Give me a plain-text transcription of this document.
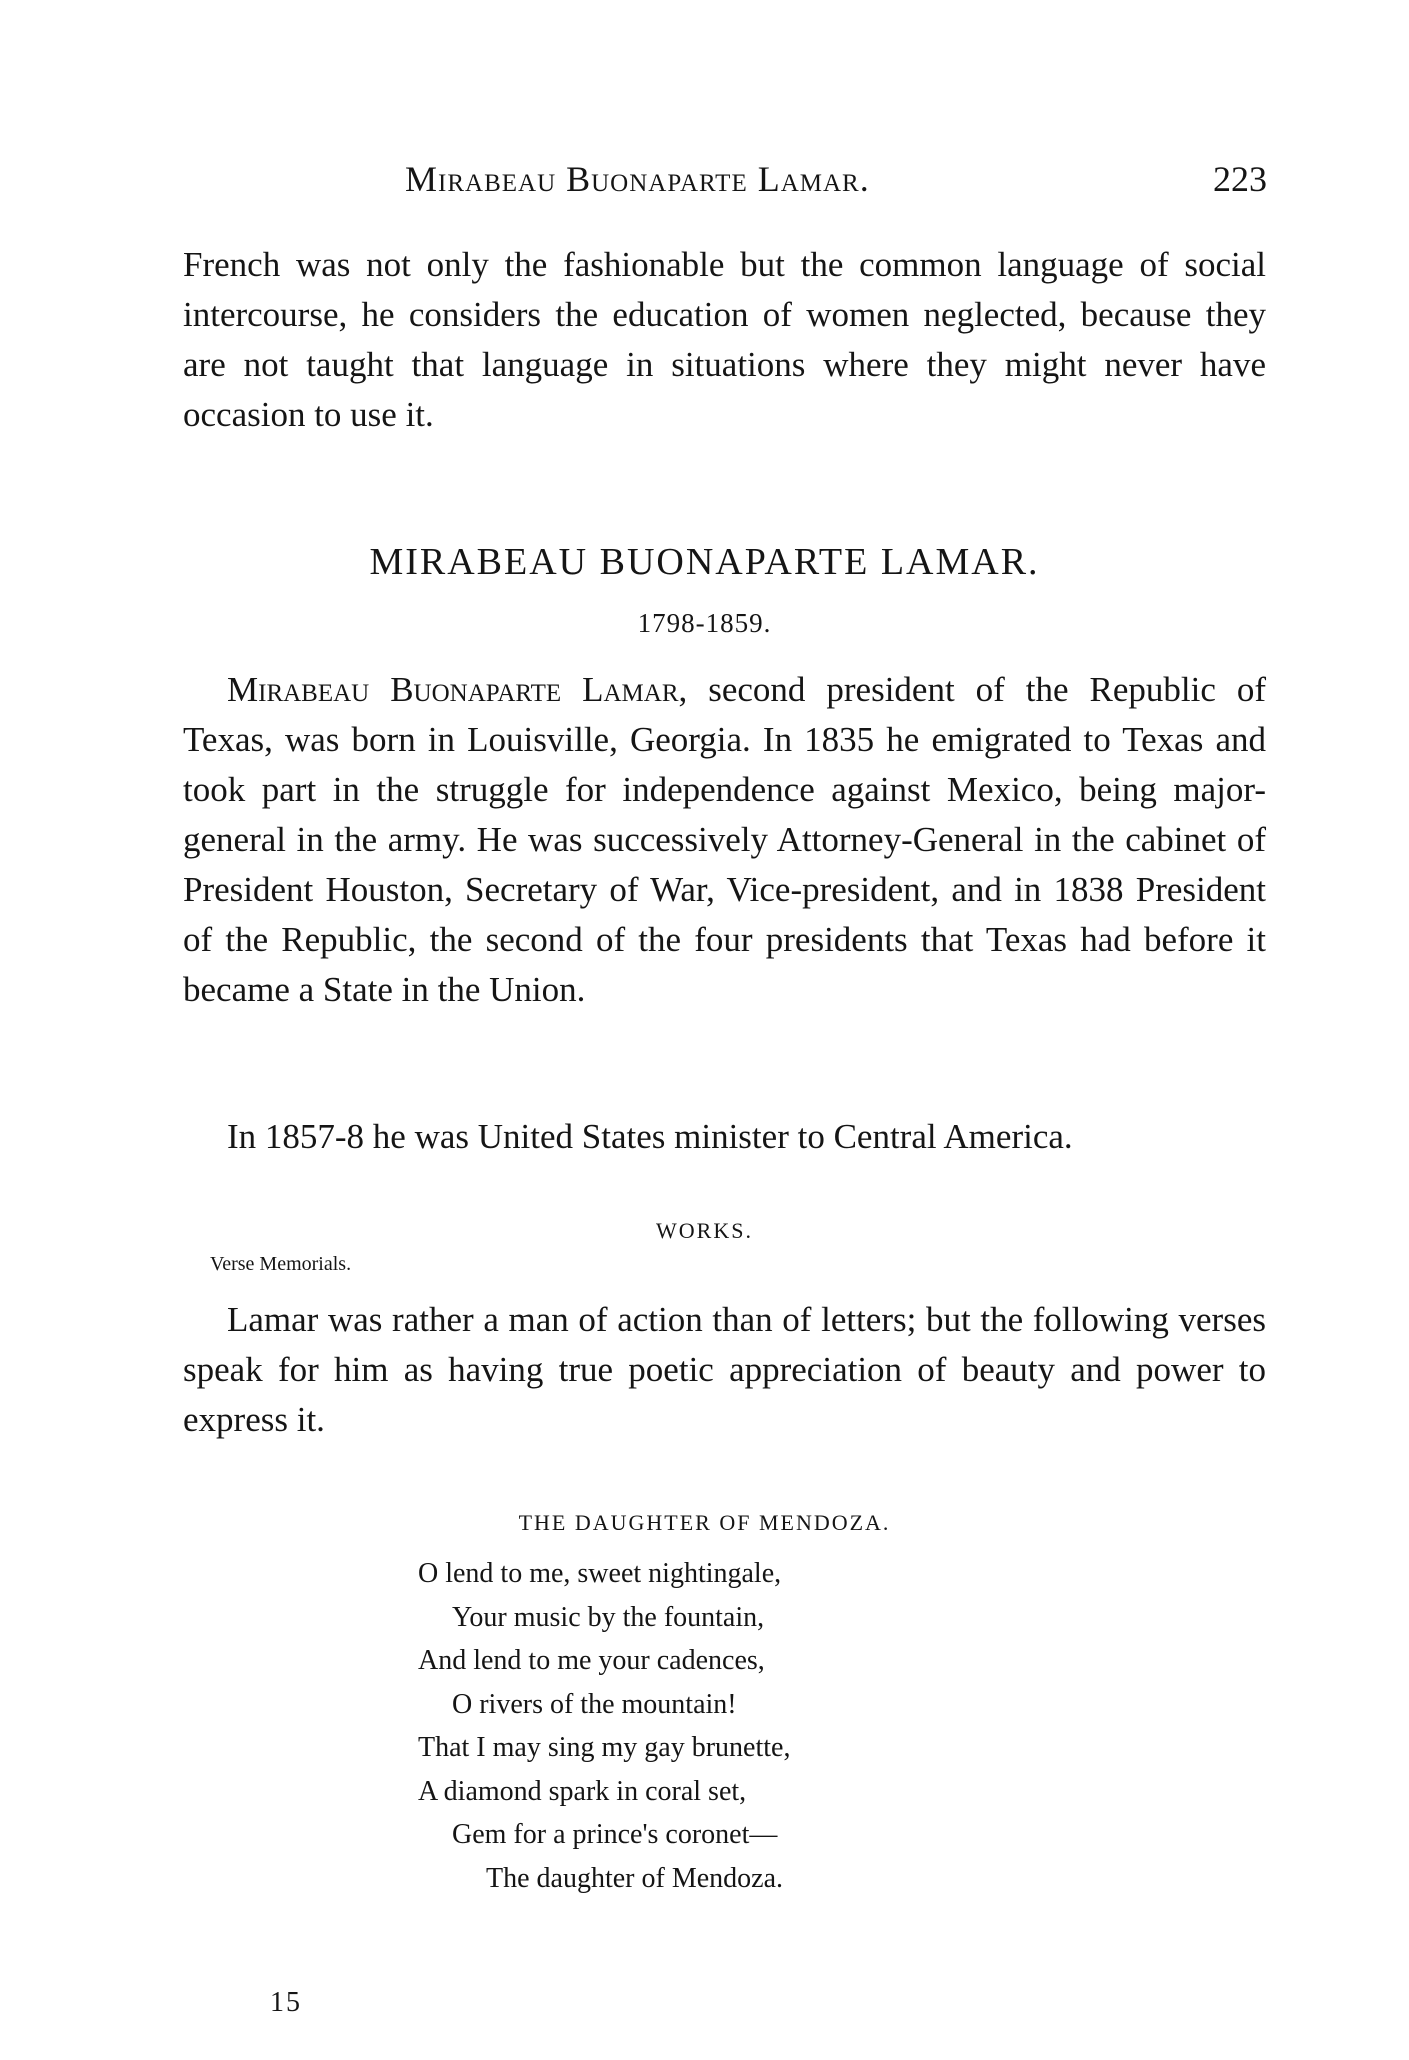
Mirabeau Buonaparte Lamar.	223
French was not only the fashionable but the common language of social intercourse, he considers the education of women neglected, because they are not taught that language in situations where they might never have occasion to use it.
MIRABEAU BUONAPARTE LAMAR.
1798-1859.
Mirabeau Buonaparte Lamar, second president of the Republic of Texas, was born in Louisville, Georgia. In 1835 he emigrated to Texas and took part in the struggle for independence against Mexico, being major-general in the army. He was successively Attorney-General in the cabinet of President Houston, Secretary of War, Vice-president, and in 1838 President of the Republic, the second of the four presidents that Texas had before it became a State in the Union.
In 1857-8 he was United States minister to Central America.
WORKS.
Verse Memorials.
Lamar was rather a man of action than of letters; but the following verses speak for him as having true poetic appreciation of beauty and power to express it.
THE DAUGHTER OF MENDOZA.
O lend to me, sweet nightingale,
Your music by the fountain,
And lend to me your cadences,
O rivers of the mountain!
That I may sing my gay brunette,
A diamond spark in coral set,
Gem for a prince's coronet—
The daughter of Mendoza.
15
